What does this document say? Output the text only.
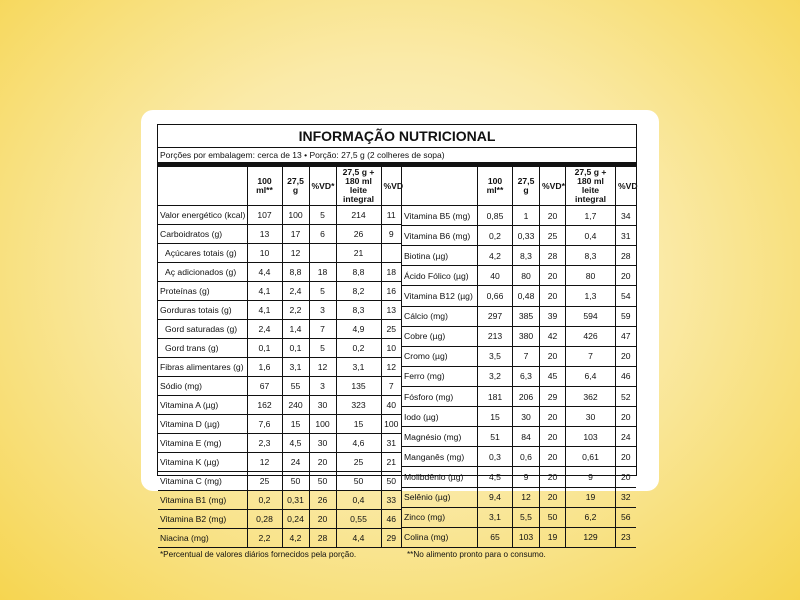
INFORMAÇÃO NUTRICIONAL
Porções por embalagem: cerca de 13 • Porção: 27,5 g (2 colheres de sopa)
	100 ml**	27,5 g	%VD*	27,5 g + 180 ml leite integral	%VD
Valor energético (kcal)	107	100	5	214	11
Carboidratos (g)	13	17	6	26	9
Açúcares totais (g)	10	12		21	
Aç adicionados (g)	4,4	8,8	18	8,8	18
Proteínas (g)	4,1	2,4	5	8,2	16
Gorduras totais (g)	4,1	2,2	3	8,3	13
Gord saturadas (g)	2,4	1,4	7	4,9	25
Gord trans (g)	0,1	0,1	5	0,2	10
Fibras alimentares (g)	1,6	3,1	12	3,1	12
Sódio (mg)	67	55	3	135	7
Vitamina A (µg)	162	240	30	323	40
Vitamina D (µg)	7,6	15	100	15	100
Vitamina E (mg)	2,3	4,5	30	4,6	31
Vitamina K (µg)	12	24	20	25	21
Vitamina C (mg)	25	50	50	50	50
Vitamina B1 (mg)	0,2	0,31	26	0,4	33
Vitamina B2 (mg)	0,28	0,24	20	0,55	46
Niacina (mg)	2,2	4,2	28	4,4	29
	100 ml**	27,5 g	%VD*	27,5 g + 180 ml leite integral	%VD
Vitamina B5 (mg)	0,85	1	20	1,7	34
Vitamina B6 (mg)	0,2	0,33	25	0,4	31
Biotina (µg)	4,2	8,3	28	8,3	28
Ácido Fólico (µg)	40	80	20	80	20
Vitamina B12 (µg)	0,66	0,48	20	1,3	54
Cálcio (mg)	297	385	39	594	59
Cobre (µg)	213	380	42	426	47
Cromo (µg)	3,5	7	20	7	20
Ferro (mg)	3,2	6,3	45	6,4	46
Fósforo (mg)	181	206	29	362	52
Iodo (µg)	15	30	20	30	20
Magnésio (mg)	51	84	20	103	24
Manganês (mg)	0,3	0,6	20	0,61	20
Molibdênio (µg)	4,5	9	20	9	20
Selênio (µg)	9,4	12	20	19	32
Zinco (mg)	3,1	5,5	50	6,2	56
Colina (mg)	65	103	19	129	23
*Percentual de valores diários fornecidos pela porção.	**No alimento pronto para o consumo.
